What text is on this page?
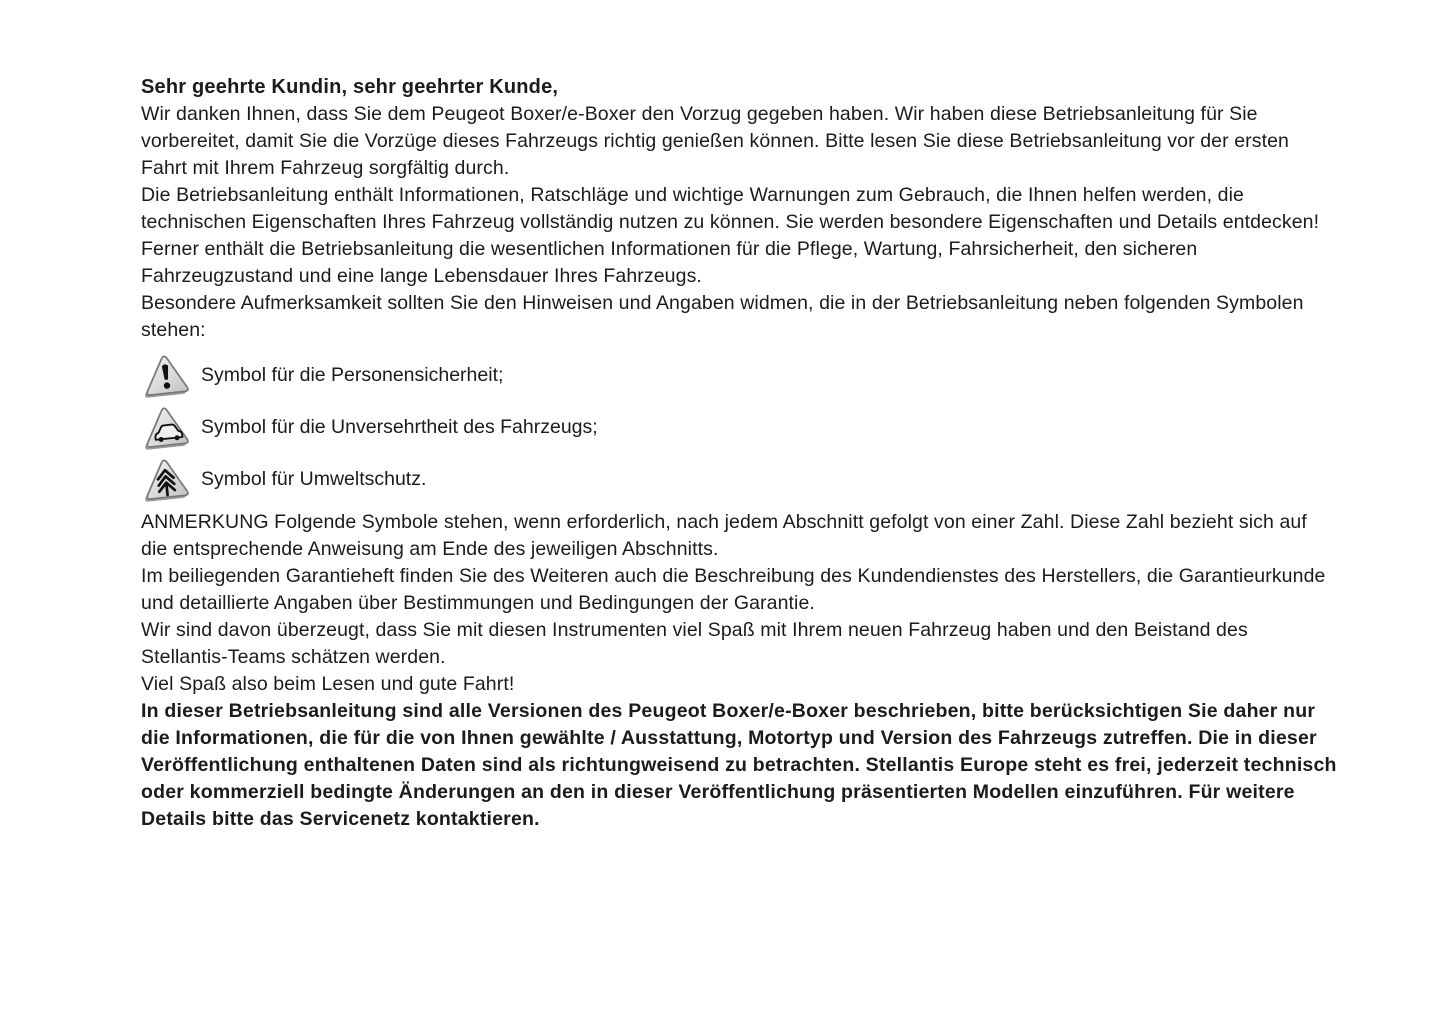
Sehr geehrte Kundin, sehr geehrter Kunde,

Wir danken Ihnen, dass Sie dem Peugeot Boxer/e-Boxer den Vorzug gegeben haben. Wir haben diese Betriebsanleitung für Sie vorbereitet, damit Sie die Vorzüge dieses Fahrzeugs richtig genießen können. Bitte lesen Sie diese Betriebsanleitung vor der ersten Fahrt mit Ihrem Fahrzeug sorgfältig durch.

Die Betriebsanleitung enthält Informationen, Ratschläge und wichtige Warnungen zum Gebrauch, die Ihnen helfen werden, die technischen Eigenschaften Ihres Fahrzeug vollständig nutzen zu können. Sie werden besondere Eigenschaften und Details entdecken! Ferner enthält die Betriebsanleitung die wesentlichen Informationen für die Pflege, Wartung, Fahrsicherheit, den sicheren Fahrzeugzustand und eine lange Lebensdauer Ihres Fahrzeugs.

Besondere Aufmerksamkeit sollten Sie den Hinweisen und Angaben widmen, die in der Betriebsanleitung neben folgenden Symbolen stehen:

Symbol für die Personensicherheit;
Symbol für die Unversehrtheit des Fahrzeugs;
Symbol für Umweltschutz.

ANMERKUNG Folgende Symbole stehen, wenn erforderlich, nach jedem Abschnitt gefolgt von einer Zahl. Diese Zahl bezieht sich auf die entsprechende Anweisung am Ende des jeweiligen Abschnitts.

Im beiliegenden Garantieheft finden Sie des Weiteren auch die Beschreibung des Kundendienstes des Herstellers, die Garantieurkunde und detaillierte Angaben über Bestimmungen und Bedingungen der Garantie.

Wir sind davon überzeugt, dass Sie mit diesen Instrumenten viel Spaß mit Ihrem neuen Fahrzeug haben und den Beistand des Stellantis-Teams schätzen werden.

Viel Spaß also beim Lesen und gute Fahrt!

In dieser Betriebsanleitung sind alle Versionen des Peugeot Boxer/e-Boxer beschrieben, bitte berücksichtigen Sie daher nur die Informationen, die für die von Ihnen gewählte / Ausstattung, Motortyp und Version des Fahrzeugs zutreffen. Die in dieser Veröffentlichung enthaltenen Daten sind als richtungweisend zu betrachten. Stellantis Europe steht es frei, jederzeit technisch oder kommerziell bedingte Änderungen an den in dieser Veröffentlichung präsentierten Modellen einzuführen. Für weitere Details bitte das Servicenetz kontaktieren.
